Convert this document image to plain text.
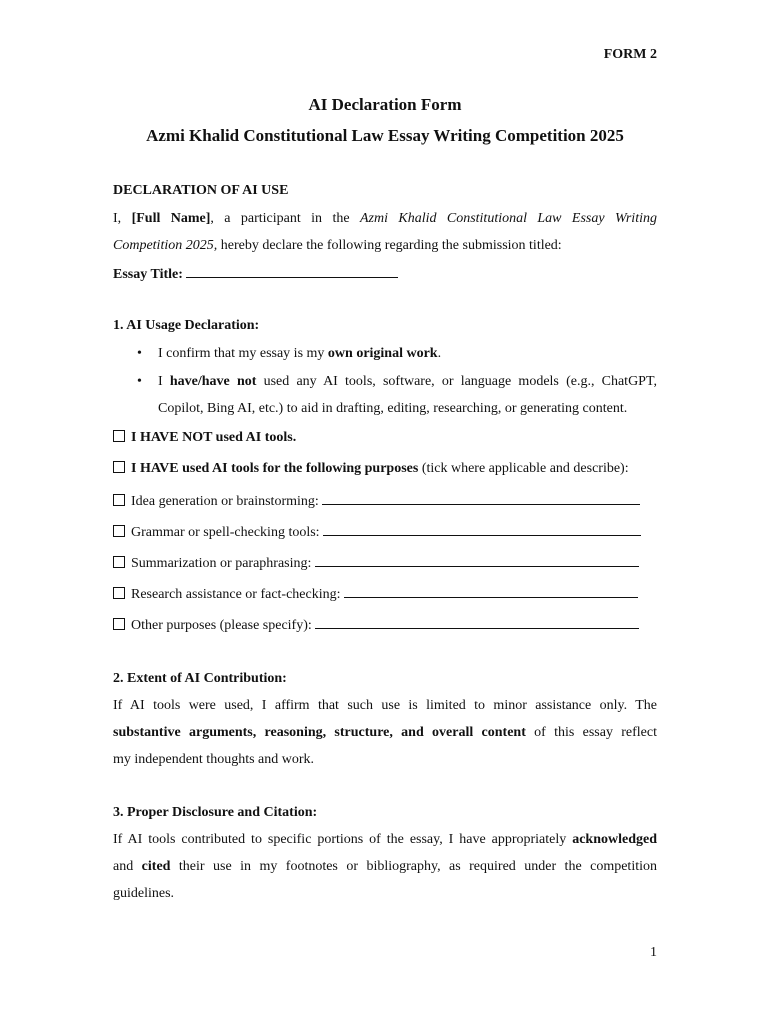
FORM 2
AI Declaration Form
Azmi Khalid Constitutional Law Essay Writing Competition 2025
DECLARATION OF AI USE
I, [Full Name], a participant in the Azmi Khalid Constitutional Law Essay Writing
Competition 2025, hereby declare the following regarding the submission titled:
Essay Title:
1. AI Usage Declaration:
• I confirm that my essay is my own original work.
• I have/have not used any AI tools, software, or language models (e.g., ChatGPT,
Copilot, Bing AI, etc.) to aid in drafting, editing, researching, or generating content.
I HAVE NOT used AI tools.
I HAVE used AI tools for the following purposes (tick where applicable and describe):
Idea generation or brainstorming:
Grammar or spell-checking tools:
Summarization or paraphrasing:
Research assistance or fact-checking:
Other purposes (please specify):
2. Extent of AI Contribution:
If AI tools were used, I affirm that such use is limited to minor assistance only. The
substantive arguments, reasoning, structure, and overall content of this essay reflect
my independent thoughts and work.
3. Proper Disclosure and Citation:
If AI tools contributed to specific portions of the essay, I have appropriately acknowledged
and cited their use in my footnotes or bibliography, as required under the competition
guidelines.
1
